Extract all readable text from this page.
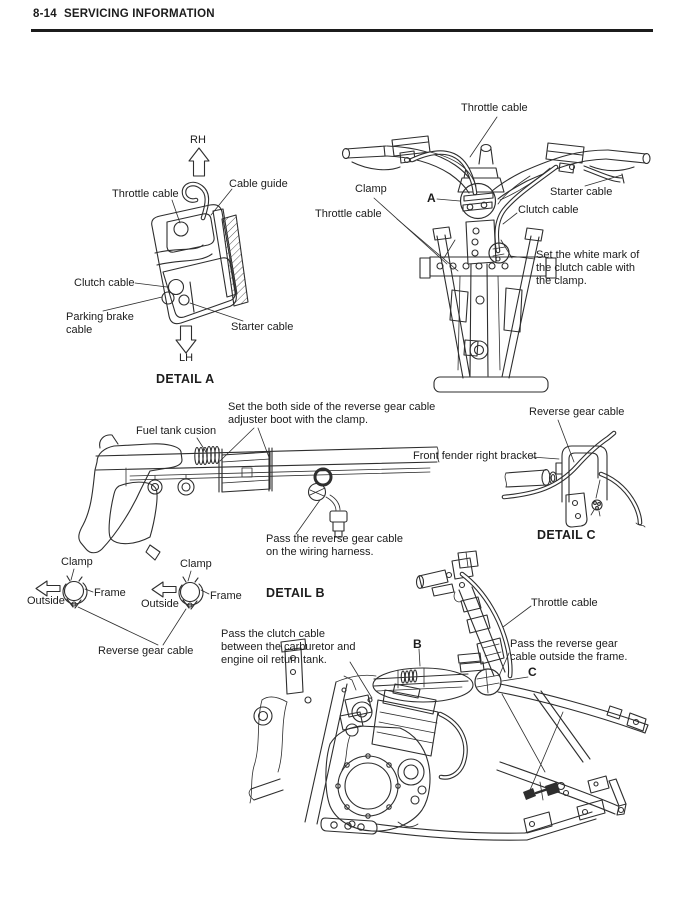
8-14 SERVICING INFORMATION
RH
Throttle cable
Cable guide
Clutch cable
Parking brake cable	Starter cable
LH
DETAIL A
Throttle cable
Clamp
A
Throttle cable
Starter cable
Clutch cable
Set the white mark of the clutch cable with the clamp.
Set the both side of the reverse gear cable adjuster boot with the clamp.
Fuel tank cusion
Pass the reverse gear cable on the wiring harness.
Clamp	Clamp
Outside	Outside
Frame	Frame
Reverse gear cable
DETAIL B
Pass the clutch cable between the carburetor and engine oil return tank.
Reverse gear cable
Front fender right bracket
DETAIL C
Throttle cable
B	Pass the reverse gear cable outside the frame.
C
